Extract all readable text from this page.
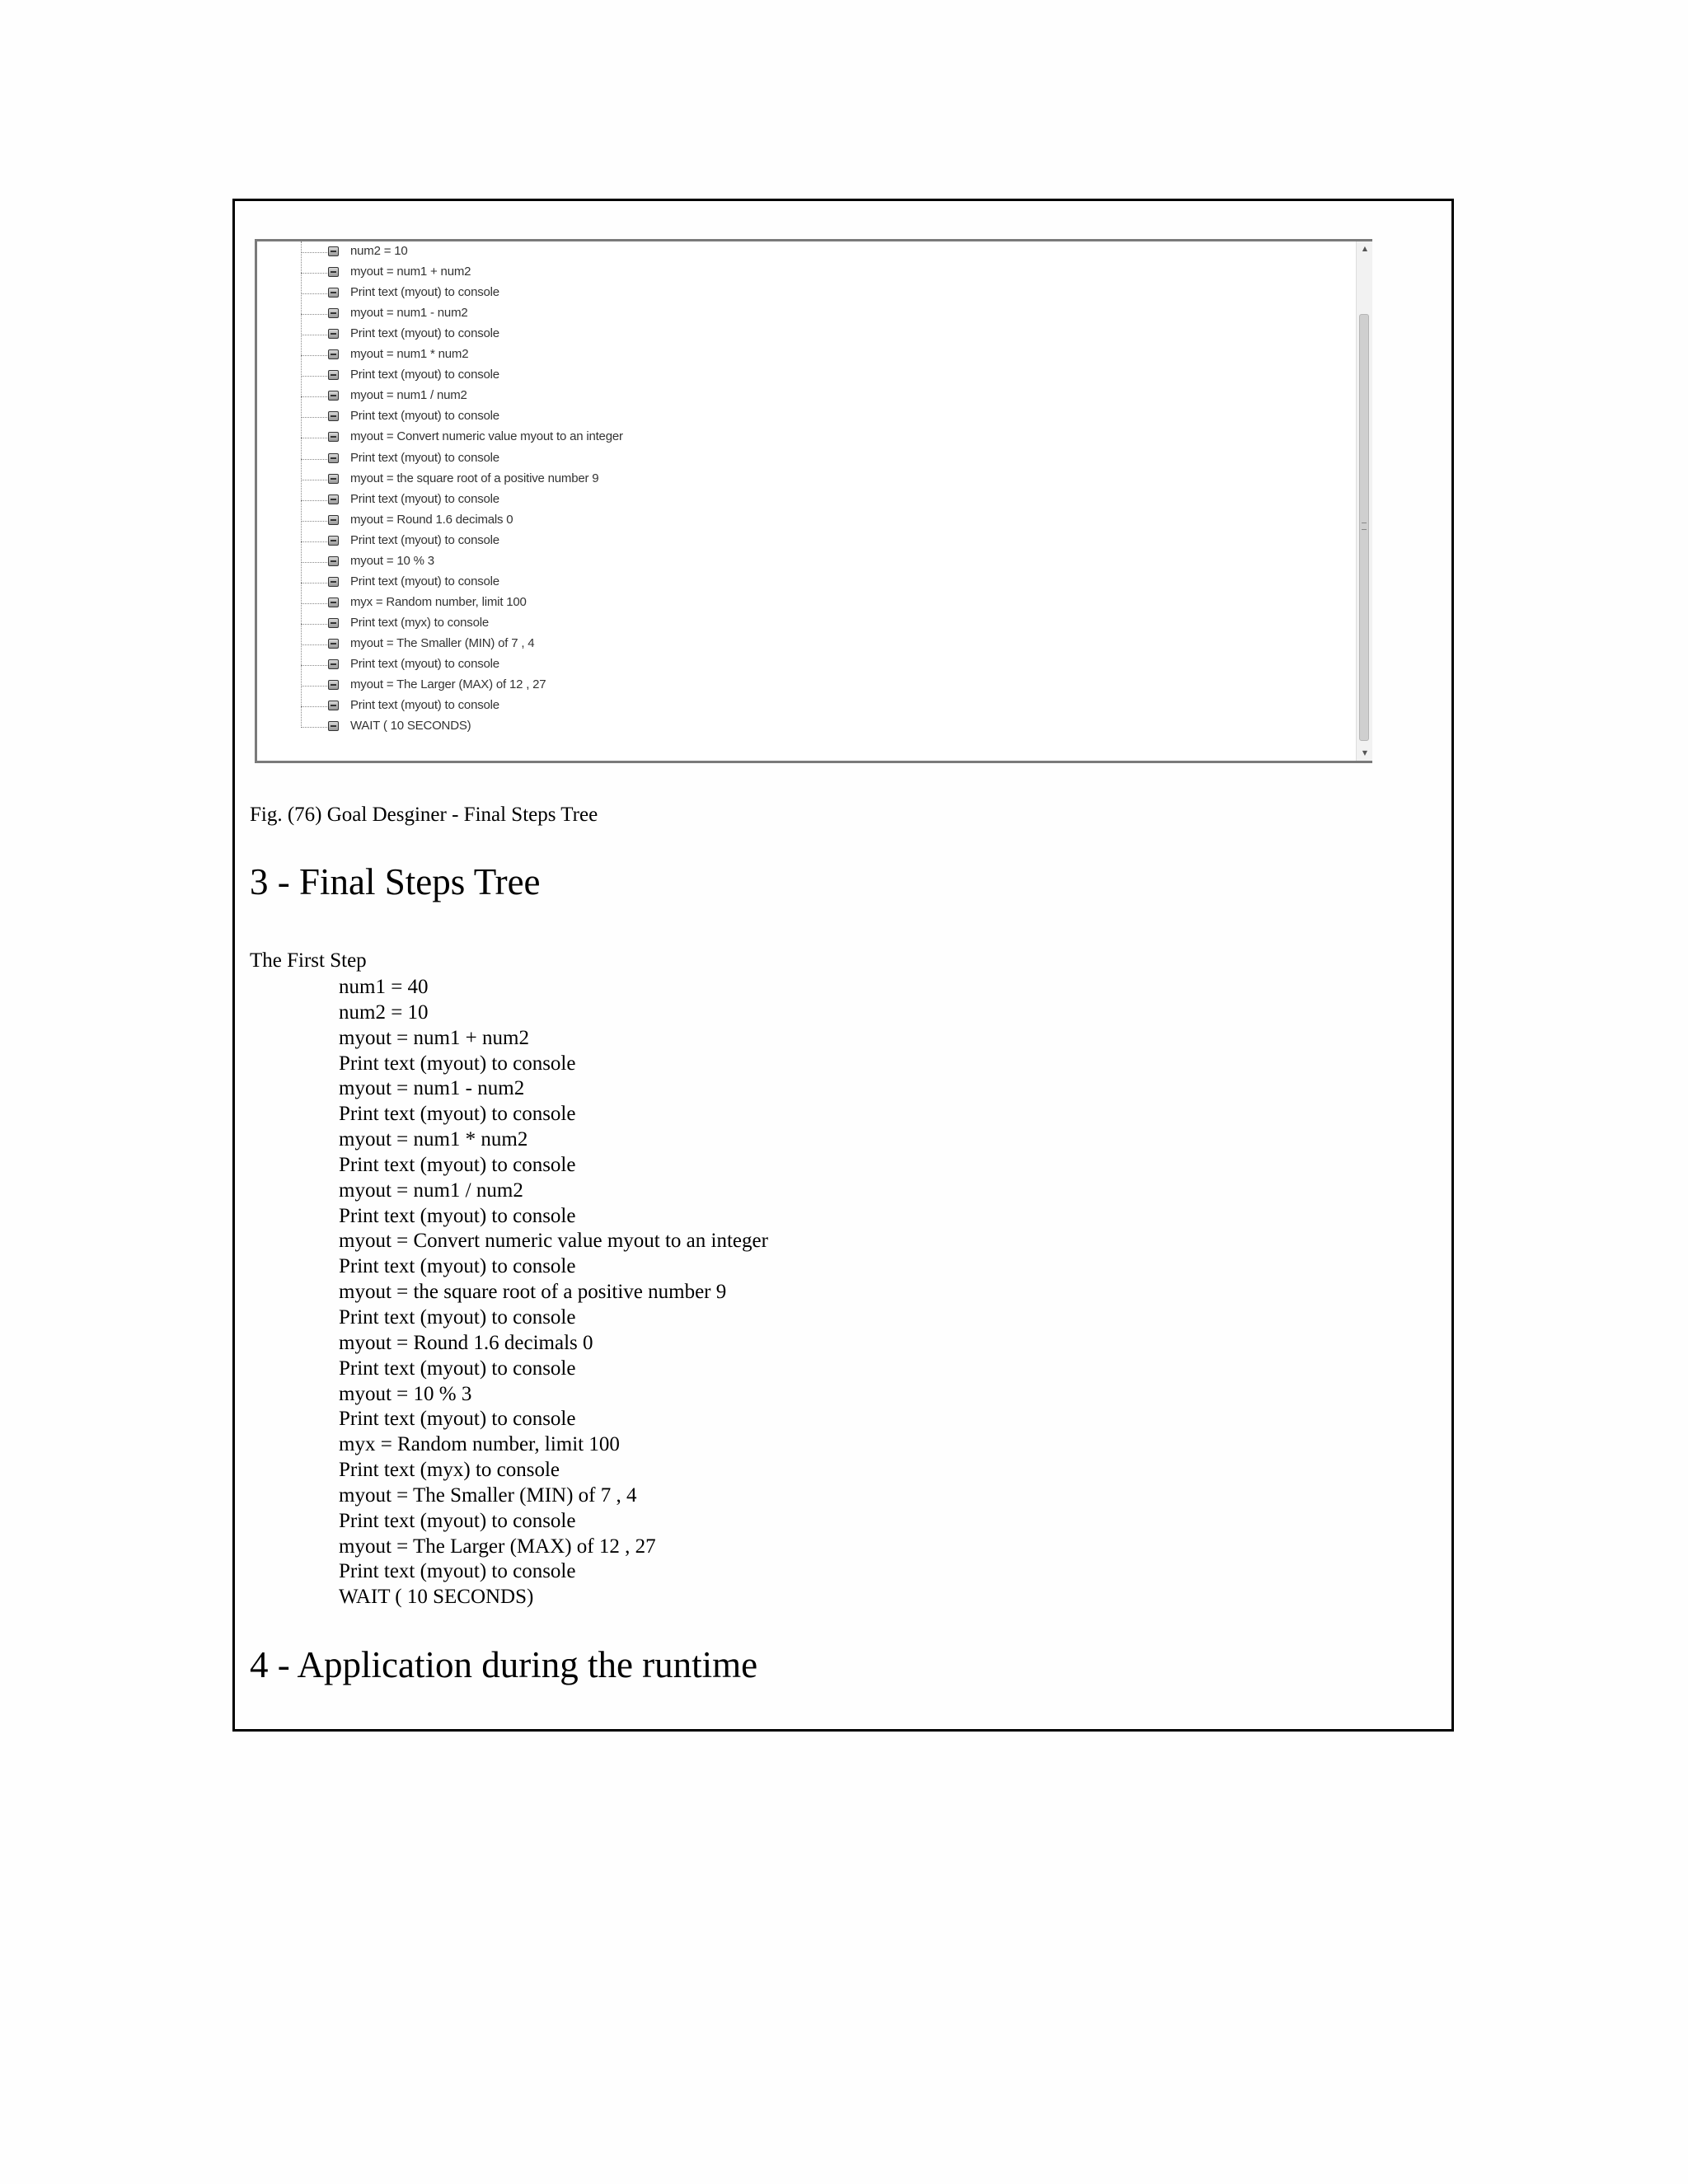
num2 = 10
myout = num1 + num2
Print text (myout) to console
myout = num1 - num2
Print text (myout) to console
myout = num1 * num2
Print text (myout) to console
myout = num1 / num2
Print text (myout) to console
myout = Convert numeric value myout to an integer
Print text (myout) to console
myout = the square root of a positive number 9
Print text (myout) to console
myout = Round 1.6 decimals 0
Print text (myout) to console
myout = 10 % 3
Print text (myout) to console
myx = Random number, limit 100
Print text (myx) to console
myout = The Smaller (MIN) of 7 , 4
Print text (myout) to console
myout = The Larger (MAX) of 12 , 27
Print text (myout) to console
WAIT ( 10 SECONDS)
▲
▼
Fig. (76) Goal Desginer - Final Steps Tree
3 - Final Steps Tree
The First Step
num1 = 40
num2 = 10
myout = num1 + num2
Print text (myout) to console
myout = num1 - num2
Print text (myout) to console
myout = num1 * num2
Print text (myout) to console
myout = num1 / num2
Print text (myout) to console
myout = Convert numeric value myout to an integer
Print text (myout) to console
myout = the square root of a positive number 9
Print text (myout) to console
myout = Round 1.6 decimals 0
Print text (myout) to console
myout = 10 % 3
Print text (myout) to console
myx = Random number, limit 100
Print text (myx) to console
myout = The Smaller (MIN) of 7 , 4
Print text (myout) to console
myout = The Larger (MAX) of 12 , 27
Print text (myout) to console
WAIT ( 10 SECONDS)
4 - Application during the runtime
